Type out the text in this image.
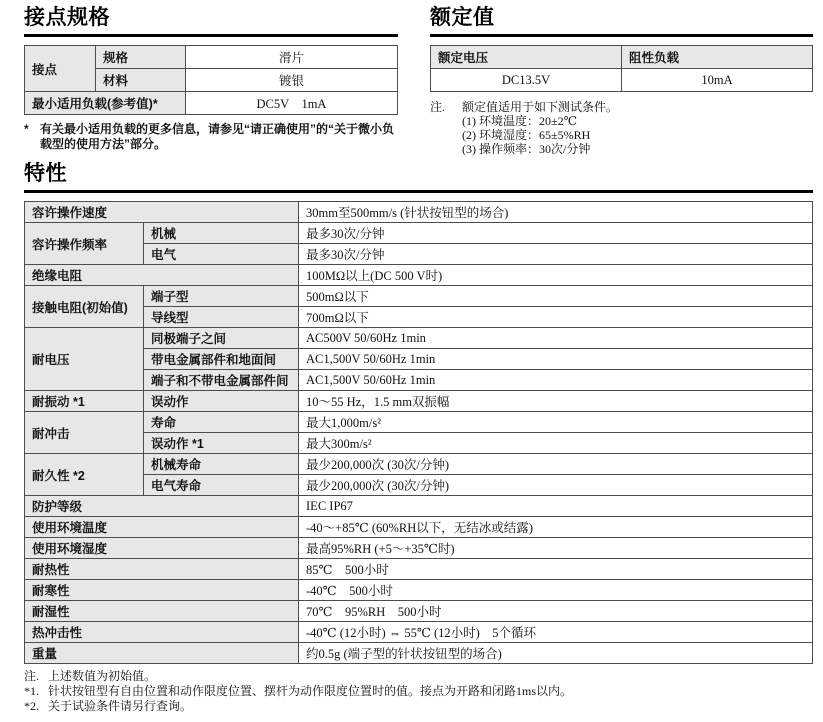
接点规格
接点	规格	滑片
	材料	镀银
最小适用负载(参考值)*		DC5V　1mA
* 有关最小适用负载的更多信息，请参见“请正确使用”的“关于微小负载型的使用方法”部分。
额定值
额定电压	阻性负载
DC13.5V	10mA
注.	额定值适用于如下测试条件。
(1) 环境温度：20±2℃
(2) 环境湿度：65±5%RH
(3) 操作频率：30次/分钟
特性
容许操作速度		30mm至500mm/s (针状按钮型的场合)
容许操作频率	机械	最多30次/分钟
	电气	最多30次/分钟
绝缘电阻		100MΩ以上(DC 500 V时)
接触电阻(初始值)	端子型	500mΩ以下
	导线型	700mΩ以下
耐电压	同极端子之间	AC500V 50/60Hz 1min
	带电金属部件和地面间	AC1,500V 50/60Hz 1min
	端子和不带电金属部件间	AC1,500V 50/60Hz 1min
耐振动 *1	误动作	10～55 Hz，1.5 mm双振幅
耐冲击	寿命	最大1,000m/s²
	误动作 *1	最大300m/s²
耐久性 *2	机械寿命	最少200,000次 (30次/分钟)
	电气寿命	最少200,000次 (30次/分钟)
防护等级		IEC IP67
使用环境温度		-40～+85℃ (60%RH以下，无结冰或结露)
使用环境湿度		最高95%RH (+5～+35℃时)
耐热性		85℃　500小时
耐寒性		-40℃　500小时
耐湿性		70℃　95%RH　500小时
热冲击性		-40℃ (12小时) ⇔ 55℃ (12小时)　5个循环
重量		约0.5g (端子型的针状按钮型的场合)
注. 上述数值为初始值。
*1. 针状按钮型有自由位置和动作限度位置、摆杆为动作限度位置时的值。接点为开路和闭路1ms以内。
*2. 关于试验条件请另行查询。
